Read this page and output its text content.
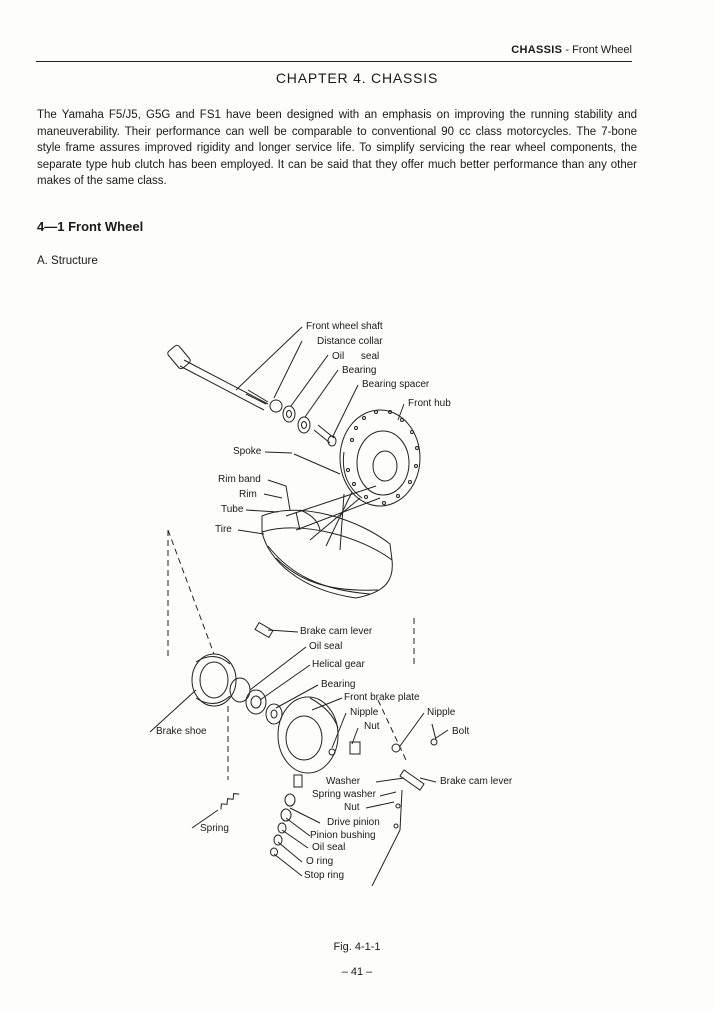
CHASSIS - Front Wheel
CHAPTER 4. CHASSIS
The Yamaha F5/J5, G5G and FS1 have been designed with an emphasis on improving the running stability and maneuverability. Their performance can well be comparable to conventional 90 cc class motorcycles. The 7-bone style frame assures improved rigidity and longer service life. To simplify servicing the rear wheel components, the separate type hub clutch has been employed. It can be said that they offer much better performance than any other makes of the same class.
4—1 Front Wheel
A. Structure
Front wheel shaft
Distance collar
Oil      seal
Bearing
Bearing spacer
Front hub
Spoke
Rim band
Rim
Tube
Tire
Brake cam lever
Oil seal
Helical gear
Bearing
Front brake plate
Nipple	Nipple
Nut	Bolt
Brake shoe
Washer	Brake cam lever
Spring washer
Nut
Drive pinion
Pinion bushing
Oil seal
O ring
Stop ring
Spring
Fig. 4-1-1
– 41 –
